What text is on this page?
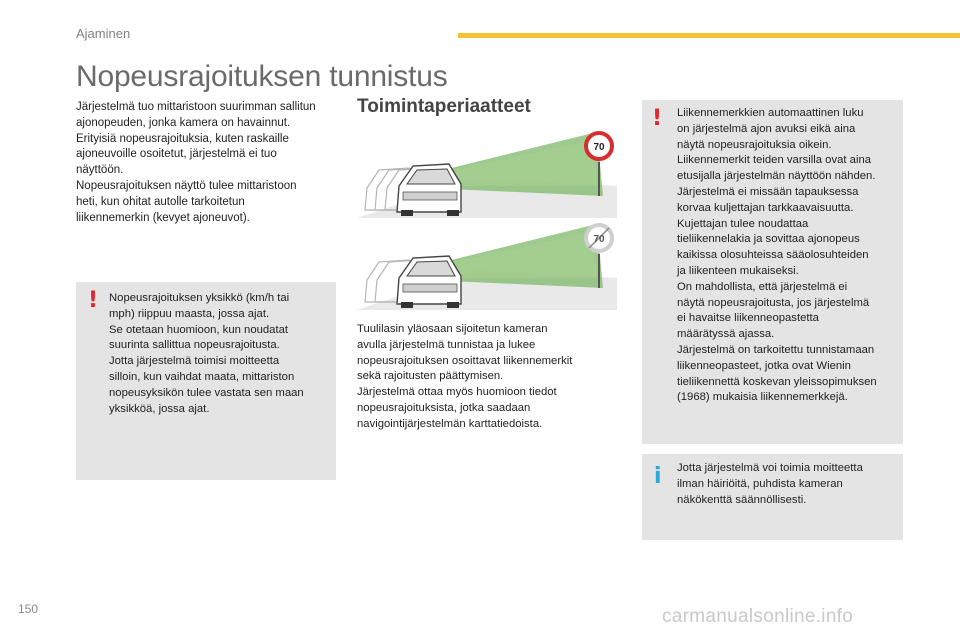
Ajaminen
Nopeusrajoituksen tunnistus
Järjestelmä tuo mittaristoon suurimman sallitun
ajonopeuden, jonka kamera on havainnut.
Erityisiä nopeusrajoituksia, kuten raskaille
ajoneuvoille osoitetut, järjestelmä ei tuo
näyttöön.
Nopeusrajoituksen näyttö tulee mittaristoon
heti, kun ohitat autolle tarkoitetun
liikennemerkin (kevyet ajoneuvot).
! Nopeusrajoituksen yksikkö (km/h tai
mph) riippuu maasta, jossa ajat.
Se otetaan huomioon, kun noudatat
suurinta sallittua nopeusrajoitusta.
Jotta järjestelmä toimisi moitteetta
silloin, kun vaihdat maata, mittariston
nopeusyksikön tulee vastata sen maan
yksikköä, jossa ajat.
Toimintaperiaatteet
70
70
Tuulilasin yläosaan sijoitetun kameran
avulla järjestelmä tunnistaa ja lukee
nopeusrajoituksen osoittavat liikennemerkit
sekä rajoitusten päättymisen.
Järjestelmä ottaa myös huomioon tiedot
nopeusrajoituksista, jotka saadaan
navigointijärjestelmän karttatiedoista.
! Liikennemerkkien automaattinen luku
on järjestelmä ajon avuksi eikä aina
näytä nopeusrajoituksia oikein.
Liikennemerkit teiden varsilla ovat aina
etusijalla järjestelmän näyttöön nähden.
Järjestelmä ei missään tapauksessa
korvaa kuljettajan tarkkaavaisuutta.
Kujettajan tulee noudattaa
tieliikennelakia ja sovittaa ajonopeus
kaikissa olosuhteissa sääolosuhteiden
ja liikenteen mukaiseksi.
On mahdollista, että järjestelmä ei
näytä nopeusrajoitusta, jos järjestelmä
ei havaitse liikenneopastetta
määrätyssä ajassa.
Järjestelmä on tarkoitettu tunnistamaan
liikenneopasteet, jotka ovat Wienin
tieliikennettä koskevan yleissopimuksen
(1968) mukaisia liikennemerkkejä.
i Jotta järjestelmä voi toimia moitteetta
ilman häiriöitä, puhdista kameran
näkökenttä säännöllisesti.
150	carmanualsonline.info
